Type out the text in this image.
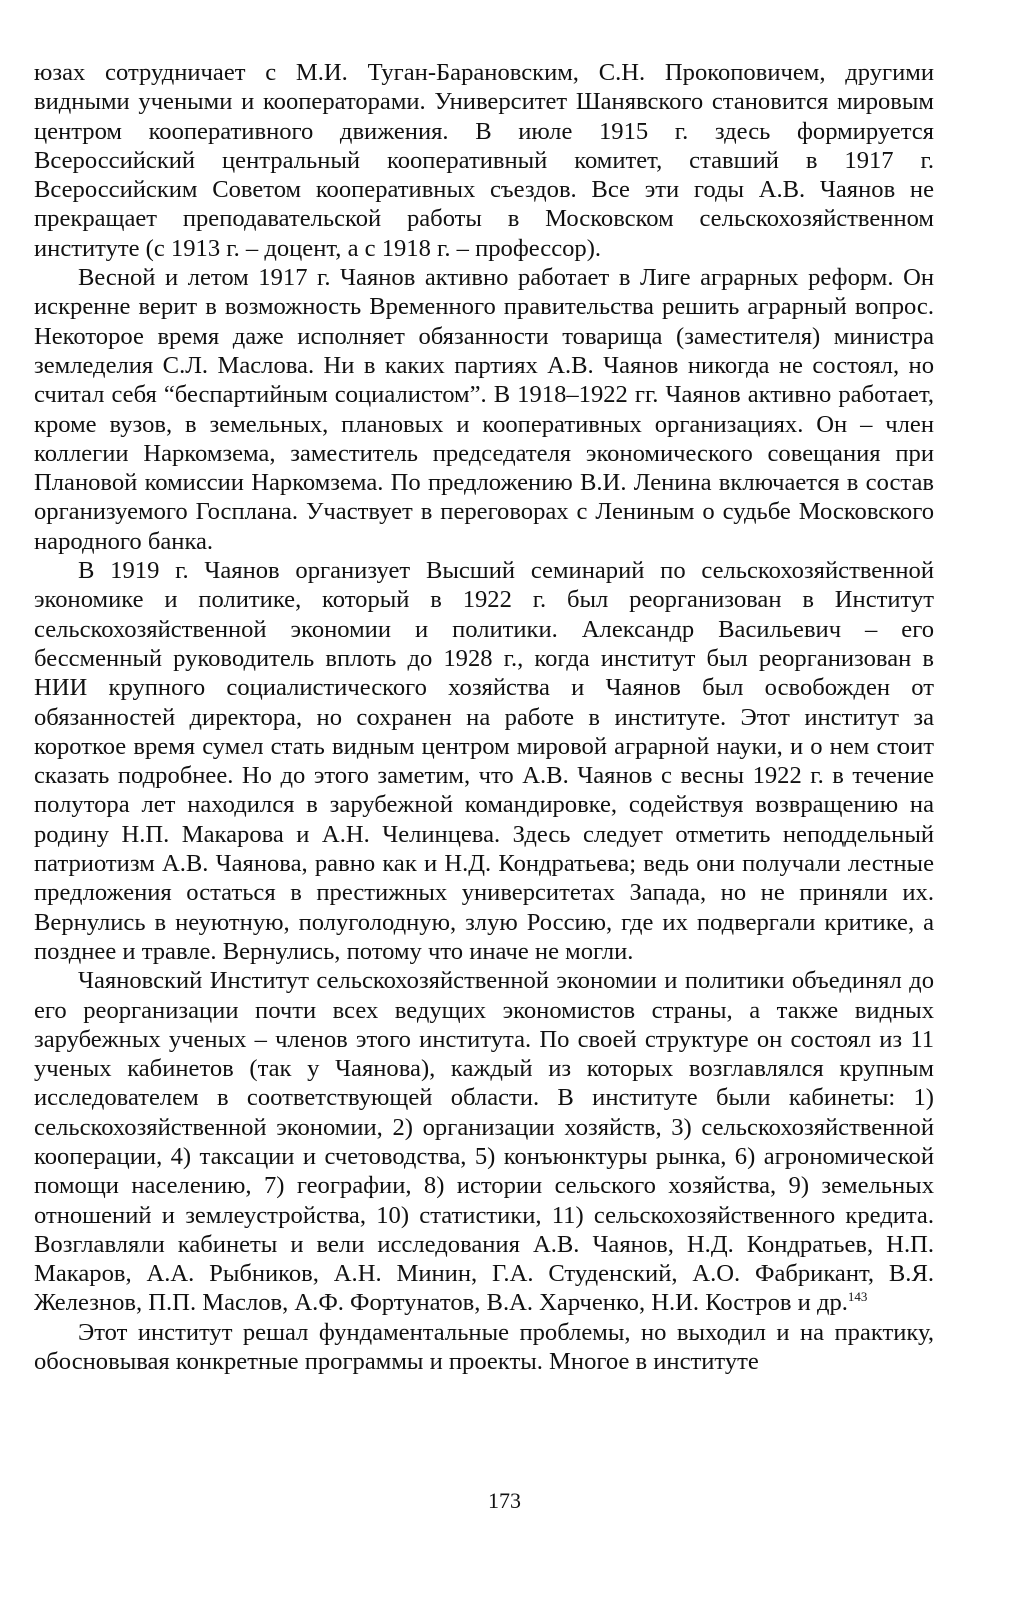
юзах сотрудничает с М.И. Туган-Барановским, С.Н. Прокоповичем, другими видными учеными и кооператорами. Университет Шанявского становится мировым центром кооперативного движения. В июле 1915 г. здесь формируется Всероссийский центральный кооперативный комитет, ставший в 1917 г. Всероссийским Советом кооперативных съездов. Все эти годы А.В. Чаянов не прекращает преподавательской работы в Московском сельскохозяйственном институте (с 1913 г. – доцент, а с 1918 г. – профессор).

Весной и летом 1917 г. Чаянов активно работает в Лиге аграрных реформ. Он искренне верит в возможность Временного правительства решить аграрный вопрос. Некоторое время даже исполняет обязанности товарища (заместителя) министра земледелия С.Л. Маслова. Ни в каких партиях А.В. Чаянов никогда не состоял, но считал себя “беспартийным социалистом”. В 1918–1922 гг. Чаянов активно работает, кроме вузов, в земельных, плановых и кооперативных организациях. Он – член коллегии Наркомзема, заместитель председателя экономического совещания при Плановой комиссии Наркомзема. По предложению В.И. Ленина включается в состав организуемого Госплана. Участвует в переговорах с Лениным о судьбе Московского народного банка.

В 1919 г. Чаянов организует Высший семинарий по сельскохозяйственной экономике и политике, который в 1922 г. был реорганизован в Институт сельскохозяйственной экономии и политики. Александр Васильевич – его бессменный руководитель вплоть до 1928 г., когда институт был реорганизован в НИИ крупного социалистического хозяйства и Чаянов был освобожден от обязанностей директора, но сохранен на работе в институте. Этот институт за короткое время сумел стать видным центром мировой аграрной науки, и о нем стоит сказать подробнее. Но до этого заметим, что А.В. Чаянов с весны 1922 г. в течение полутора лет находился в зарубежной командировке, содействуя возвращению на родину Н.П. Макарова и А.Н. Челинцева. Здесь следует отметить неподдельный патриотизм А.В. Чаянова, равно как и Н.Д. Кондратьева; ведь они получали лестные предложения остаться в престижных университетах Запада, но не приняли их. Вернулись в неуютную, полуголодную, злую Россию, где их подвергали критике, а позднее и травле. Вернулись, потому что иначе не могли.

Чаяновский Институт сельскохозяйственной экономии и политики объединял до его реорганизации почти всех ведущих экономистов страны, а также видных зарубежных ученых – членов этого института. По своей структуре он состоял из 11 ученых кабинетов (так у Чаянова), каждый из которых возглавлялся крупным исследователем в соответствующей области. В институте были кабинеты: 1) сельскохозяйственной экономии, 2) организации хозяйств, 3) сельскохозяйственной кооперации, 4) таксации и счетоводства, 5) конъюнктуры рынка, 6) агрономической помощи населению, 7) географии, 8) истории сельского хозяйства, 9) земельных отношений и землеустройства, 10) статистики, 11) сельскохозяйственного кредита. Возглавляли кабинеты и вели исследования А.В. Чаянов, Н.Д. Кондратьев, Н.П. Макаров, А.А. Рыбников, А.Н. Минин, Г.А. Студенский, А.О. Фабрикант, В.Я. Железнов, П.П. Маслов, А.Ф. Фортунатов, В.А. Харченко, Н.И. Костров и др.$^{143}$

Этот институт решал фундаментальные проблемы, но выходил и на практику, обосновывая конкретные программы и проекты. Многое в институте

173
